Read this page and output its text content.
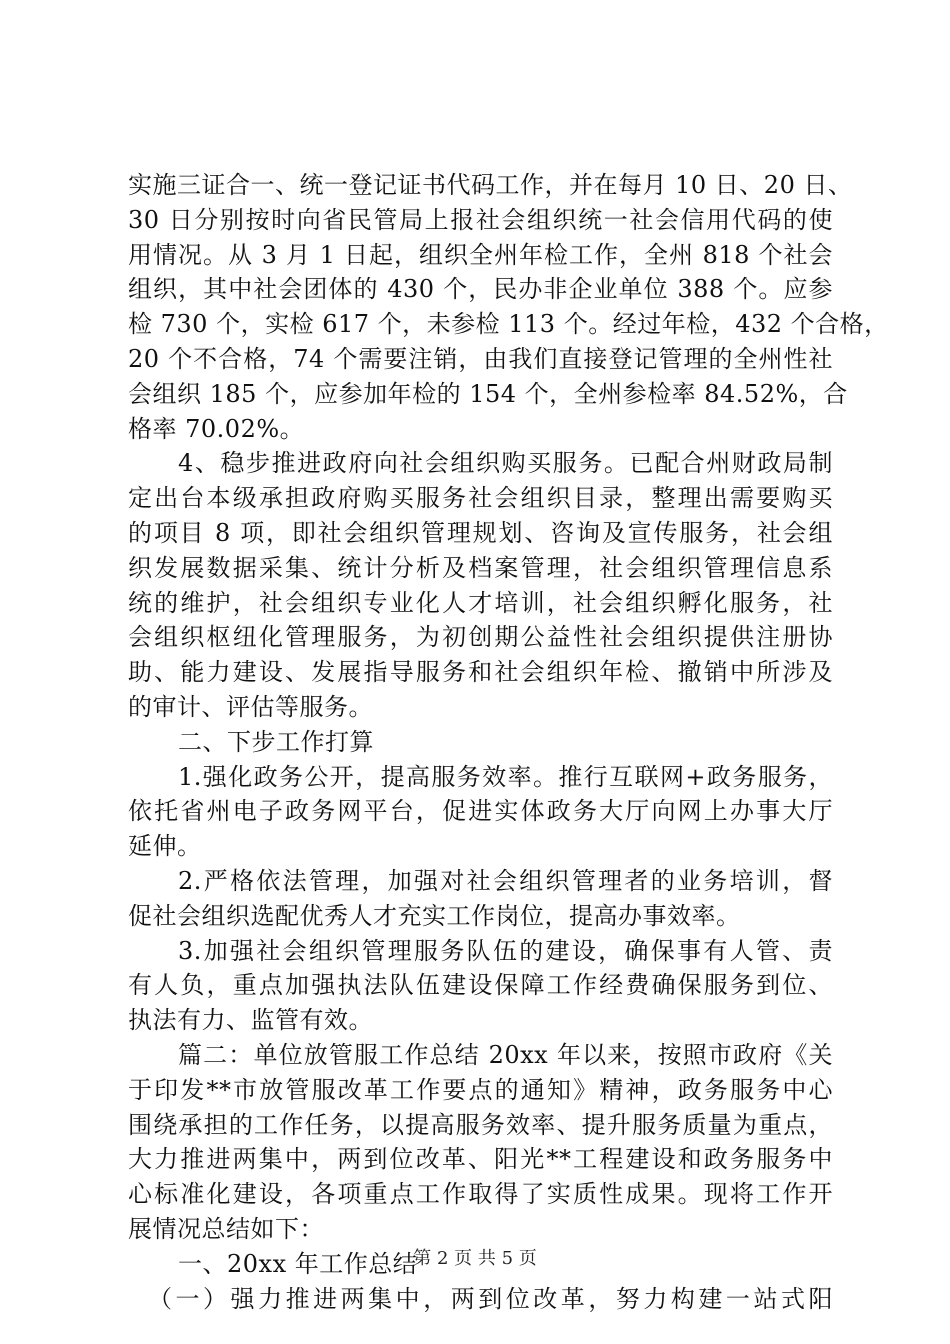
实施三证合一、统一登记证书代码工作，并在每月 10 日、20 日、
30 日分别按时向省民管局上报社会组织统一社会信用代码的使
用情况。从 3 月 1 日起，组织全州年检工作，全州 818 个社会
组织，其中社会团体的 430 个，民办非企业单位 388 个。应参
检 730 个，实检 617 个，未参检 113 个。经过年检，432 个合格，
20 个不合格，74 个需要注销，由我们直接登记管理的全州性社
会组织 185 个，应参加年检的 154 个，全州参检率 84.52%，合
格率 70.02%。
4、稳步推进政府向社会组织购买服务。已配合州财政局制
定出台本级承担政府购买服务社会组织目录，整理出需要购买
的项目 8 项，即社会组织管理规划、咨询及宣传服务，社会组
织发展数据采集、统计分析及档案管理，社会组织管理信息系
统的维护，社会组织专业化人才培训，社会组织孵化服务，社
会组织枢纽化管理服务，为初创期公益性社会组织提供注册协
助、能力建设、发展指导服务和社会组织年检、撤销中所涉及
的审计、评估等服务。
二、下步工作打算
1.强化政务公开，提高服务效率。推行互联网+政务服务，
依托省州电子政务网平台，促进实体政务大厅向网上办事大厅
延伸。
2.严格依法管理，加强对社会组织管理者的业务培训，督
促社会组织选配优秀人才充实工作岗位，提高办事效率。
3.加强社会组织管理服务队伍的建设，确保事有人管、责
有人负，重点加强执法队伍建设保障工作经费确保服务到位、
执法有力、监管有效。
篇二：单位放管服工作总结 20xx 年以来，按照市政府《关
于印发**市放管服改革工作要点的通知》精神，政务服务中心
围绕承担的工作任务，以提高服务效率、提升服务质量为重点，
大力推进两集中，两到位改革、阳光**工程建设和政务服务中
心标准化建设，各项重点工作取得了实质性成果。现将工作开
展情况总结如下：
一、20xx 年工作总结
（一）强力推进两集中，两到位改革，努力构建一站式阳
第 2 页 共 5 页
